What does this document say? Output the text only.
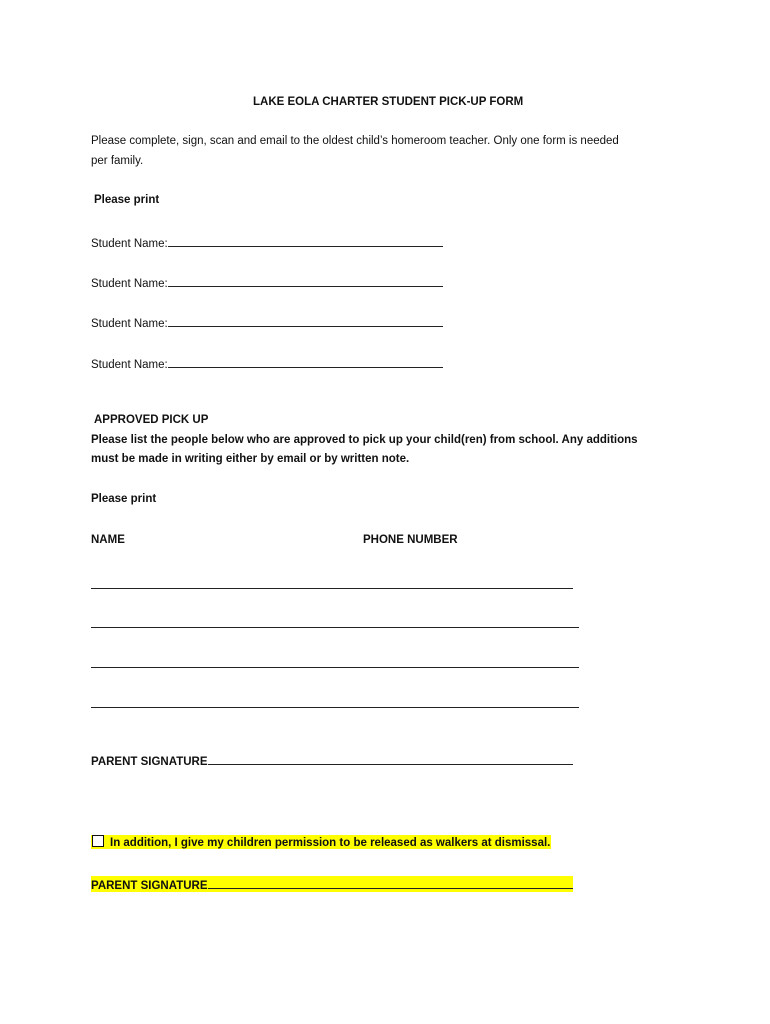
LAKE EOLA CHARTER STUDENT PICK-UP FORM
Please complete, sign, scan and email to the oldest child’s homeroom teacher. Only one form is needed
per family.
Please print
Student Name:
Student Name:
Student Name:
Student Name:
APPROVED PICK UP
Please list the people below who are approved to pick up your child(ren) from school. Any additions
must be made in writing either by email or by written note.
Please print
NAME	PHONE NUMBER
PARENT SIGNATURE
In addition, I give my children permission to be released as walkers at dismissal.
PARENT SIGNATURE
